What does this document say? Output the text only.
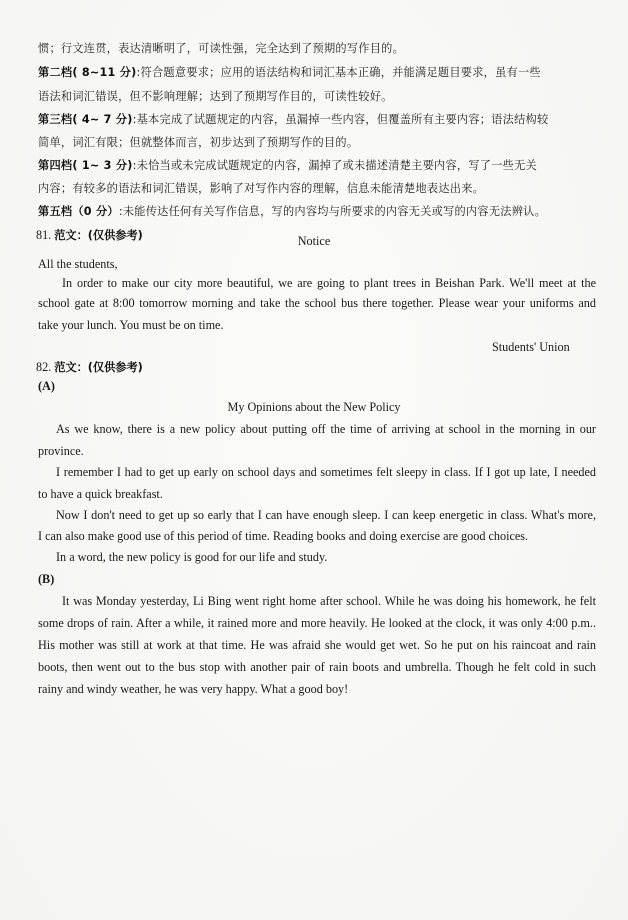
惯；行文连贯，表达清晰明了，可读性强，完全达到了预期的写作目的。
第二档( 8~11 分):符合题意要求；应用的语法结构和词汇基本正确，并能满足题目要求，虽有一些
语法和词汇错误，但不影响理解；达到了预期写作目的，可读性较好。
第三档( 4~ 7 分):基本完成了试题规定的内容，虽漏掉一些内容，但覆盖所有主要内容；语法结构较
简单，词汇有限；但就整体而言，初步达到了预期写作的目的。
第四档( 1~ 3 分):未恰当或未完成试题规定的内容，漏掉了或未描述清楚主要内容，写了一些无关
内容；有较多的语法和词汇错误，影响了对写作内容的理解，信息未能清楚地表达出来。
第五档（0 分）:未能传达任何有关写作信息，写的内容均与所要求的内容无关或写的内容无法辨认。
81. 范文：(仅供参考)	Notice
All the students,
In order to make our city more beautiful, we are going to plant trees in Beishan Park. We'll meet at the
school gate at 8:00 tomorrow morning and take the school bus there together. Please wear your uniforms and
take your lunch. You must be on time.
Students' Union
82. 范文：(仅供参考)
(A)
My Opinions about the New Policy
As we know, there is a new policy about putting off the time of arriving at school in the morning in our
province.
I remember I had to get up early on school days and sometimes felt sleepy in class. If I got up late, I needed
to have a quick breakfast.
Now I don't need to get up so early that I can have enough sleep. I can keep energetic in class. What's more,
I can also make good use of this period of time. Reading books and doing exercise are good choices.
In a word, the new policy is good for our life and study.
(B)
It was Monday yesterday, Li Bing went right home after school. While he was doing his homework, he felt
some drops of rain. After a while, it rained more and more heavily. He looked at the clock, it was only 4:00 p.m..
His mother was still at work at that time. He was afraid she would get wet. So he put on his raincoat and rain
boots, then went out to the bus stop with another pair of rain boots and umbrella. Though he felt cold in such
rainy and windy weather, he was very happy. What a good boy!
